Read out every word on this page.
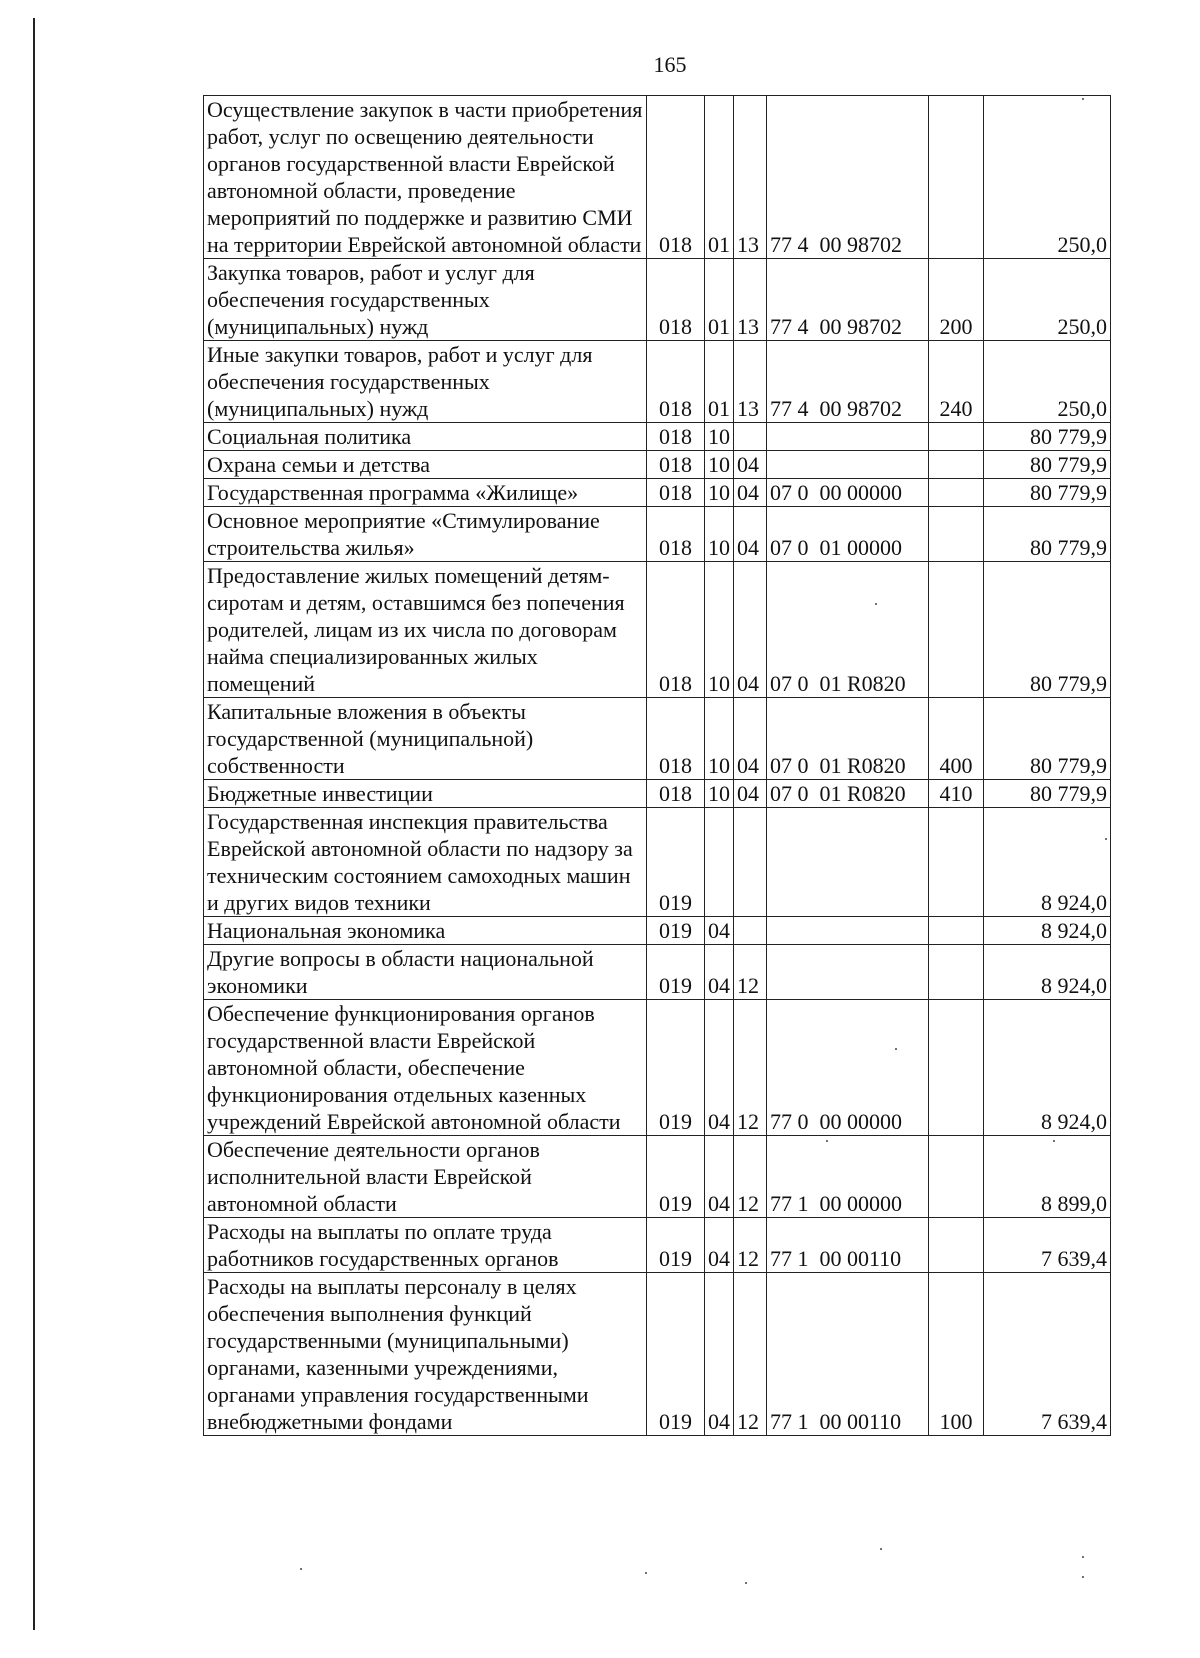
165
Осуществление закупок в части приобретения работ, услуг по освещению деятельности органов государственной власти Еврейской автономной области, проведение мероприятий по поддержке и развитию СМИ на территории Еврейской автономной области	018	01	13	77 4  00 98702		250,0
Закупка товаров, работ и услуг для обеспечения государственных (муниципальных) нужд	018	01	13	77 4  00 98702	200	250,0
Иные закупки товаров, работ и услуг для обеспечения государственных (муниципальных) нужд	018	01	13	77 4  00 98702	240	250,0
Социальная политика	018	10				80 779,9
Охрана семьи и детства	018	10	04			80 779,9
Государственная программа «Жилище»	018	10	04	07 0  00 00000		80 779,9
Основное мероприятие «Стимулирование строительства жилья»	018	10	04	07 0  01 00000		80 779,9
Предоставление жилых помещений детям-сиротам и детям, оставшимся без попечения родителей, лицам из их числа по договорам найма специализированных жилых помещений	018	10	04	07 0  01 R0820		80 779,9
Капитальные вложения в объекты государственной (муниципальной) собственности	018	10	04	07 0  01 R0820	400	80 779,9
Бюджетные инвестиции	018	10	04	07 0  01 R0820	410	80 779,9
Государственная инспекция правительства Еврейской автономной области по надзору за техническим состоянием самоходных машин и других видов техники	019					8 924,0
Национальная экономика	019	04				8 924,0
Другие вопросы в области национальной экономики	019	04	12			8 924,0
Обеспечение функционирования органов государственной власти Еврейской автономной области, обеспечение функционирования отдельных казенных учреждений Еврейской автономной области	019	04	12	77 0  00 00000		8 924,0
Обеспечение деятельности органов исполнительной власти Еврейской автономной области	019	04	12	77 1  00 00000		8 899,0
Расходы на выплаты по оплате труда работников государственных органов	019	04	12	77 1  00 00110		7 639,4
Расходы на выплаты персоналу в целях обеспечения выполнения функций государственными (муниципальными) органами, казенными учреждениями, органами управления государственными внебюджетными фондами	019	04	12	77 1  00 00110	100	7 639,4
